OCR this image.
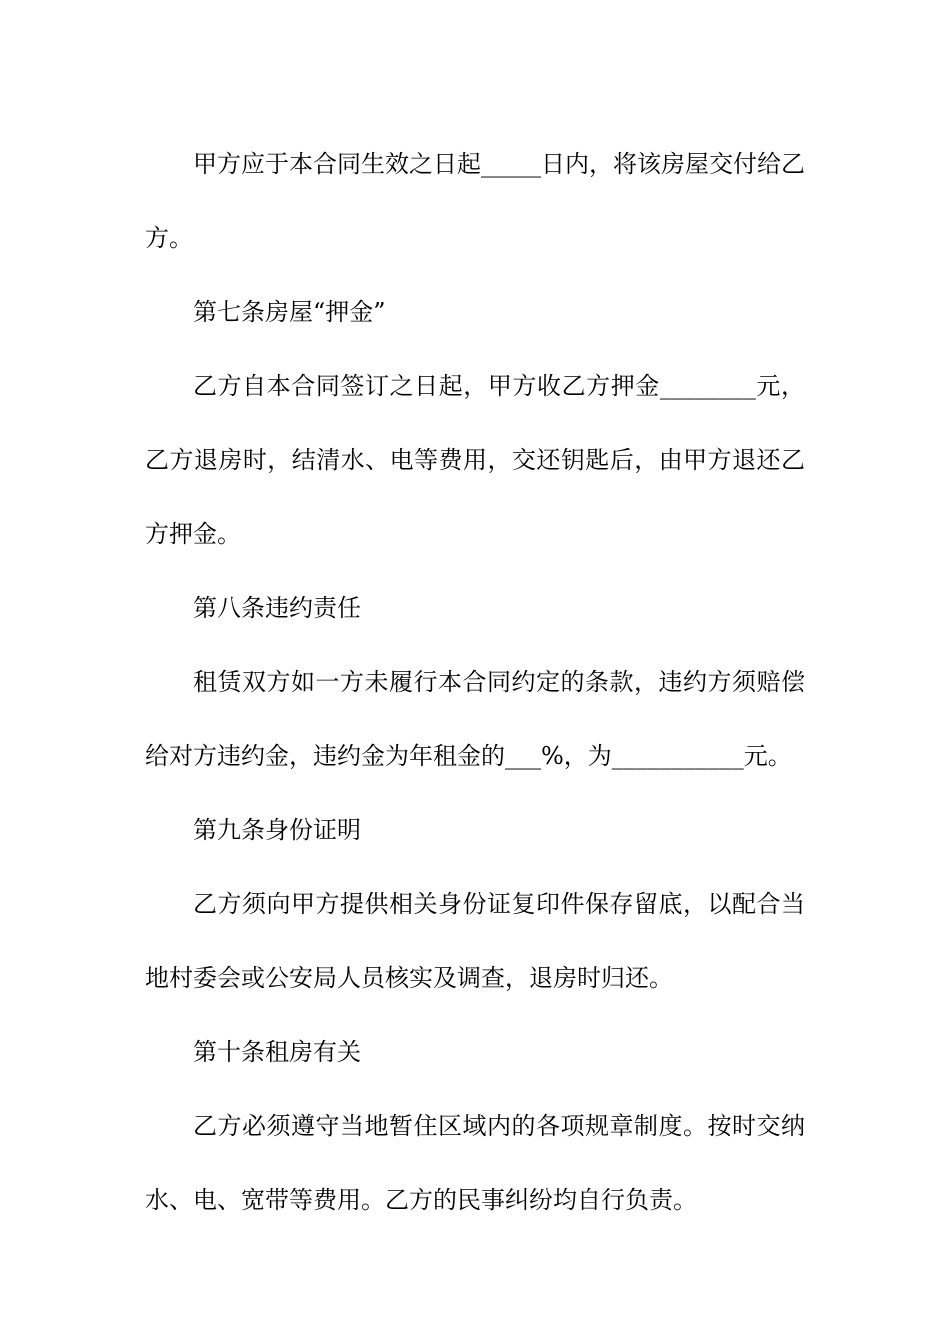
甲方应于本合同生效之日起_____日内，将该房屋交付给乙方。

第七条房屋“押金”

乙方自本合同签订之日起，甲方收乙方押金________元，乙方退房时，结清水、电等费用，交还钥匙后，由甲方退还乙方押金。

第八条违约责任

租赁双方如一方未履行本合同约定的条款，违约方须赔偿给对方违约金，违约金为年租金的___%，为___________元。

第九条身份证明

乙方须向甲方提供相关身份证复印件保存留底，以配合当地村委会或公安局人员核实及调查，退房时归还。

第十条租房有关

乙方必须遵守当地暂住区域内的各项规章制度。按时交纳水、电、宽带等费用。乙方的民事纠纷均自行负责。
